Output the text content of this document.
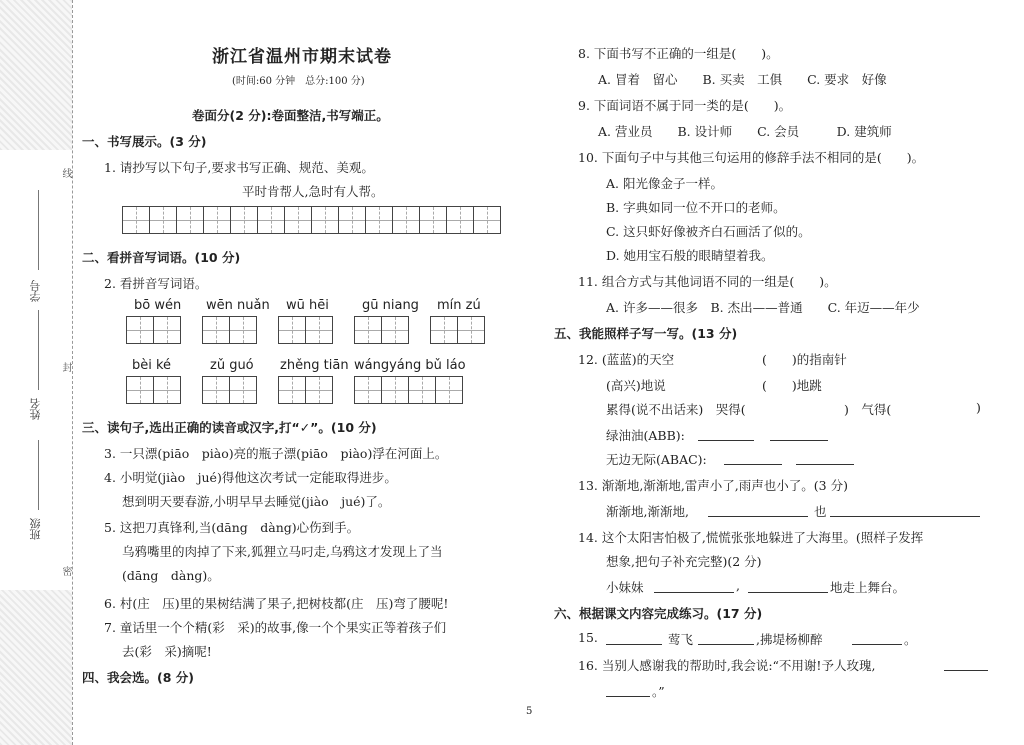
学号
姓名
班级
线
封
密
浙江省温州市期末试卷
(时间:60 分钟　总分:100 分)
卷面分(2 分):卷面整洁,书写端正。
一、书写展示。(3 分)
1. 请抄写以下句子,要求书写正确、规范、美观。
平时肯帮人,急时有人帮。
二、看拼音写词语。(10 分)
2. 看拼音写词语。
bō wén wēn nuǎn wū hēi	gū niang mín zú
bèi ké	zǔ guó zhěng tiān wángyáng bǔ láo
三、读句子,选出正确的读音或汉字,打“✓”。(10 分)
3. 一只漂(piāo　piào)亮的瓶子漂(piāo　piào)浮在河面上。
4. 小明觉(jiào　jué)得他这次考试一定能取得进步。
想到明天要春游,小明早早去睡觉(jiào　jué)了。
5. 这把刀真锋利,当(dāng　dàng)心伤到手。
乌鸦嘴里的肉掉了下来,狐狸立马叼走,乌鸦这才发现上了当
(dāng　dàng)。
6. 村(庄　压)里的果树结满了果子,把树枝都(庄　压)弯了腰呢!
7. 童话里一个个精(彩　采)的故事,像一个个果实正等着孩子们
去(彩　采)摘呢!
四、我会选。(8 分)
8. 下面书写不正确的一组是(　　)。
A. 冒着　留心　　B. 买卖　工俱　　C. 要求　好像
9. 下面词语不属于同一类的是(　　)。
A. 营业员　　B. 设计师　　C. 会员　　　D. 建筑师
10. 下面句子中与其他三句运用的修辞手法不相同的是(　　)。
A. 阳光像金子一样。
B. 字典如同一位不开口的老师。
C. 这只虾好像被齐白石画活了似的。
D. 她用宝石般的眼睛望着我。
11. 组合方式与其他词语不同的一组是(　　)。
A. 许多——很多　B. 杰出——普通　　C. 年迈——年少
五、我能照样子写一写。(13 分)
12. (蓝蓝)的天空	(　　)的指南针
(高兴)地说	(　　)地跳
累得(说不出话来)　哭得(	)　气得(	)
绿油油(ABB):
无边无际(ABAC):
13. 渐渐地,渐渐地,雷声小了,雨声也小了。(3 分)
渐渐地,渐渐地,	也
14. 这个太阳害怕极了,慌慌张张地躲进了大海里。(照样子发挥
想象,把句子补充完整)(2 分)
小妹妹	,	地走上舞台。
六、根据课文内容完成练习。(17 分)
15.	莺飞	,拂堤杨柳醉	。
16. 当别人感谢我的帮助时,我会说:“不用谢!予人玫瑰,
。”
5
